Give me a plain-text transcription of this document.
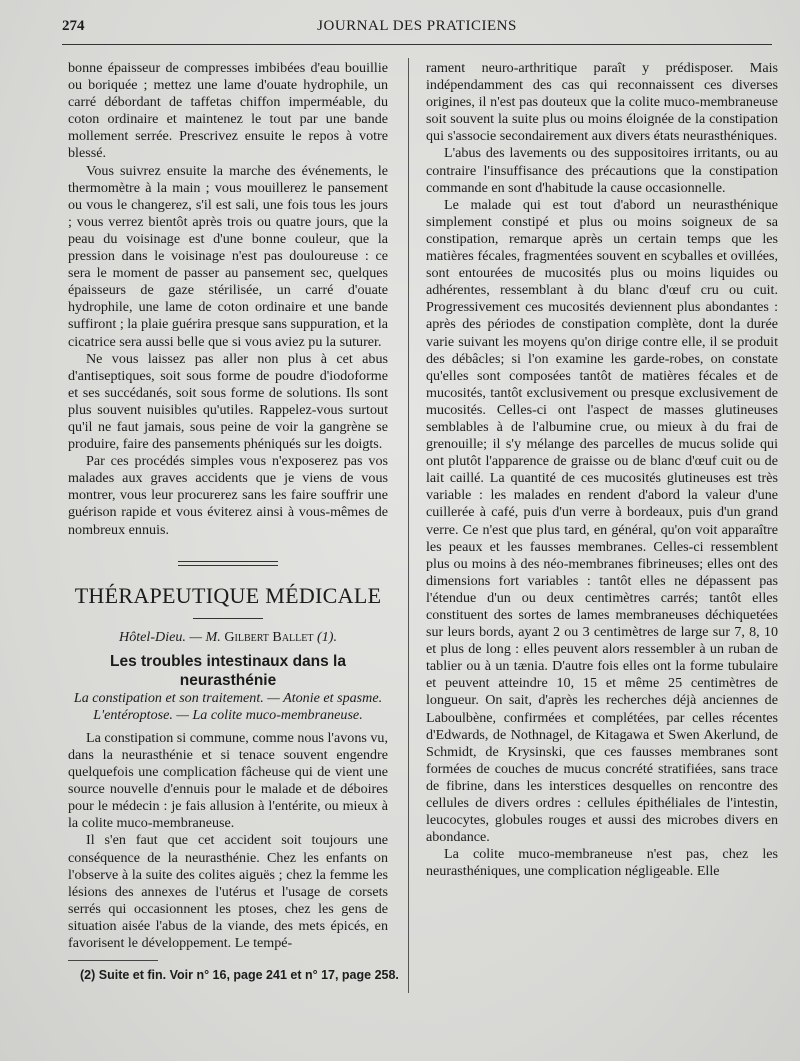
274	JOURNAL DES PRATICIENS

bonne épaisseur de compresses imbibées d'eau bouillie ou boriquée ; mettez une lame d'ouate hydrophile, un carré débordant de taffetas chiffon imperméable, du coton ordinaire et maintenez le tout par une bande mollement serrée. Prescrivez ensuite le repos à votre blessé.

Vous suivrez ensuite la marche des événements, le thermomètre à la main ; vous mouillerez le pansement ou vous le changerez, s'il est sali, une fois tous les jours ; vous verrez bientôt après trois ou quatre jours, que la peau du voisinage est d'une bonne couleur, que la pression dans le voisinage n'est pas douloureuse : ce sera le moment de passer au pansement sec, quelques épaisseurs de gaze stérilisée, un carré d'ouate hydrophile, une lame de coton ordinaire et une bande suffiront ; la plaie guérira presque sans suppuration, et la cicatrice sera aussi belle que si vous aviez pu la suturer.

Ne vous laissez pas aller non plus à cet abus d'antiseptiques, soit sous forme de poudre d'iodoforme et ses succédanés, soit sous forme de solutions. Ils sont plus souvent nuisibles qu'utiles. Rappelez-vous surtout qu'il ne faut jamais, sous peine de voir la gangrène se produire, faire des pansements phéniqués sur les doigts.

Par ces procédés simples vous n'exposerez pas vos malades aux graves accidents que je viens de vous montrer, vous leur procurerez sans les faire souffrir une guérison rapide et vous éviterez ainsi à vous-mêmes de nombreux ennuis.

THÉRAPEUTIQUE MÉDICALE

Hôtel-Dieu. — M. Gilbert Ballet (1).

Les troubles intestinaux dans la neurasthénie

La constipation et son traitement. — Atonie et spasme.

L'entéroptose. — La colite muco-membraneuse.

La constipation si commune, comme nous l'avons vu, dans la neurasthénie et si tenace souvent engendre quelquefois une complication fâcheuse qui de vient une source nouvelle d'ennuis pour le malade et de déboires pour le médecin : je fais allusion à l'entérite, ou mieux à la colite muco-membraneuse.

Il s'en faut que cet accident soit toujours une conséquence de la neurasthénie. Chez les enfants on l'observe à la suite des colites aiguës ; chez la femme les lésions des annexes de l'utérus et l'usage de corsets serrés qui occasionnent les ptoses, chez les gens de situation aisée l'abus de la viande, des mets épicés, en favorisent le développement. Le tempé-

rament neuro-arthritique paraît y prédisposer. Mais indépendamment des cas qui reconnaissent ces diverses origines, il n'est pas douteux que la colite muco-membraneuse soit souvent la suite plus ou moins éloignée de la constipation qui s'associe secondairement aux divers états neurasthéniques.

L'abus des lavements ou des suppositoires irritants, ou au contraire l'insuffisance des précautions que la constipation commande en sont d'habitude la cause occasionnelle.

Le malade qui est tout d'abord un neurasthénique simplement constipé et plus ou moins soigneux de sa constipation, remarque après un certain temps que les matières fécales, fragmentées souvent en scyballes et ovillées, sont entourées de mucosités plus ou moins liquides ou adhérentes, ressemblant à du blanc d'œuf cru ou cuit. Progressivement ces mucosités deviennent plus abondantes : après des périodes de constipation complète, dont la durée varie suivant les moyens qu'on dirige contre elle, il se produit des débâcles; si l'on examine les garde-robes, on constate qu'elles sont composées tantôt de matières fécales et de mucosités, tantôt exclusivement ou presque exclusivement de mucosités. Celles-ci ont l'aspect de masses glutineuses semblables à de l'albumine crue, ou mieux à du frai de grenouille; il s'y mélange des parcelles de mucus solide qui ont plutôt l'apparence de graisse ou de blanc d'œuf cuit ou de lait caillé. La quantité de ces mucosités glutineuses est très variable : les malades en rendent d'abord la valeur d'une cuillerée à café, puis d'un verre à bordeaux, puis d'un grand verre. Ce n'est que plus tard, en général, qu'on voit apparaître les peaux et les fausses membranes. Celles-ci ressemblent plus ou moins à des néo-membranes fibrineuses; elles ont des dimensions fort variables : tantôt elles ne dépassent pas l'étendue d'un ou deux centimètres carrés; tantôt elles constituent des sortes de lames membraneuses déchiquetées sur leurs bords, ayant 2 ou 3 centimètres de large sur 7, 8, 10 et plus de long : elles peuvent alors ressembler à un ruban de tablier ou à un tænia. D'autre fois elles ont la forme tubulaire et peuvent atteindre 10, 15 et même 25 centimètres de longueur. On sait, d'après les recherches déjà anciennes de Laboulbène, confirmées et complétées, par celles récentes d'Edwards, de Nothnagel, de Kitagawa et Swen Akerlund, de Schmidt, de Krysinski, que ces fausses membranes sont formées de couches de mucus concrété stratifiées, sans trace de fibrine, dans les interstices desquelles on rencontre des cellules de divers ordres : cellules épithéliales de l'intestin, leucocytes, globules rouges et aussi des microbes divers en abondance.

La colite muco-membraneuse n'est pas, chez les neurasthéniques, une complication négligeable. Elle

(2) Suite et fin. Voir n° 16, page 241 et n° 17, page 258.
